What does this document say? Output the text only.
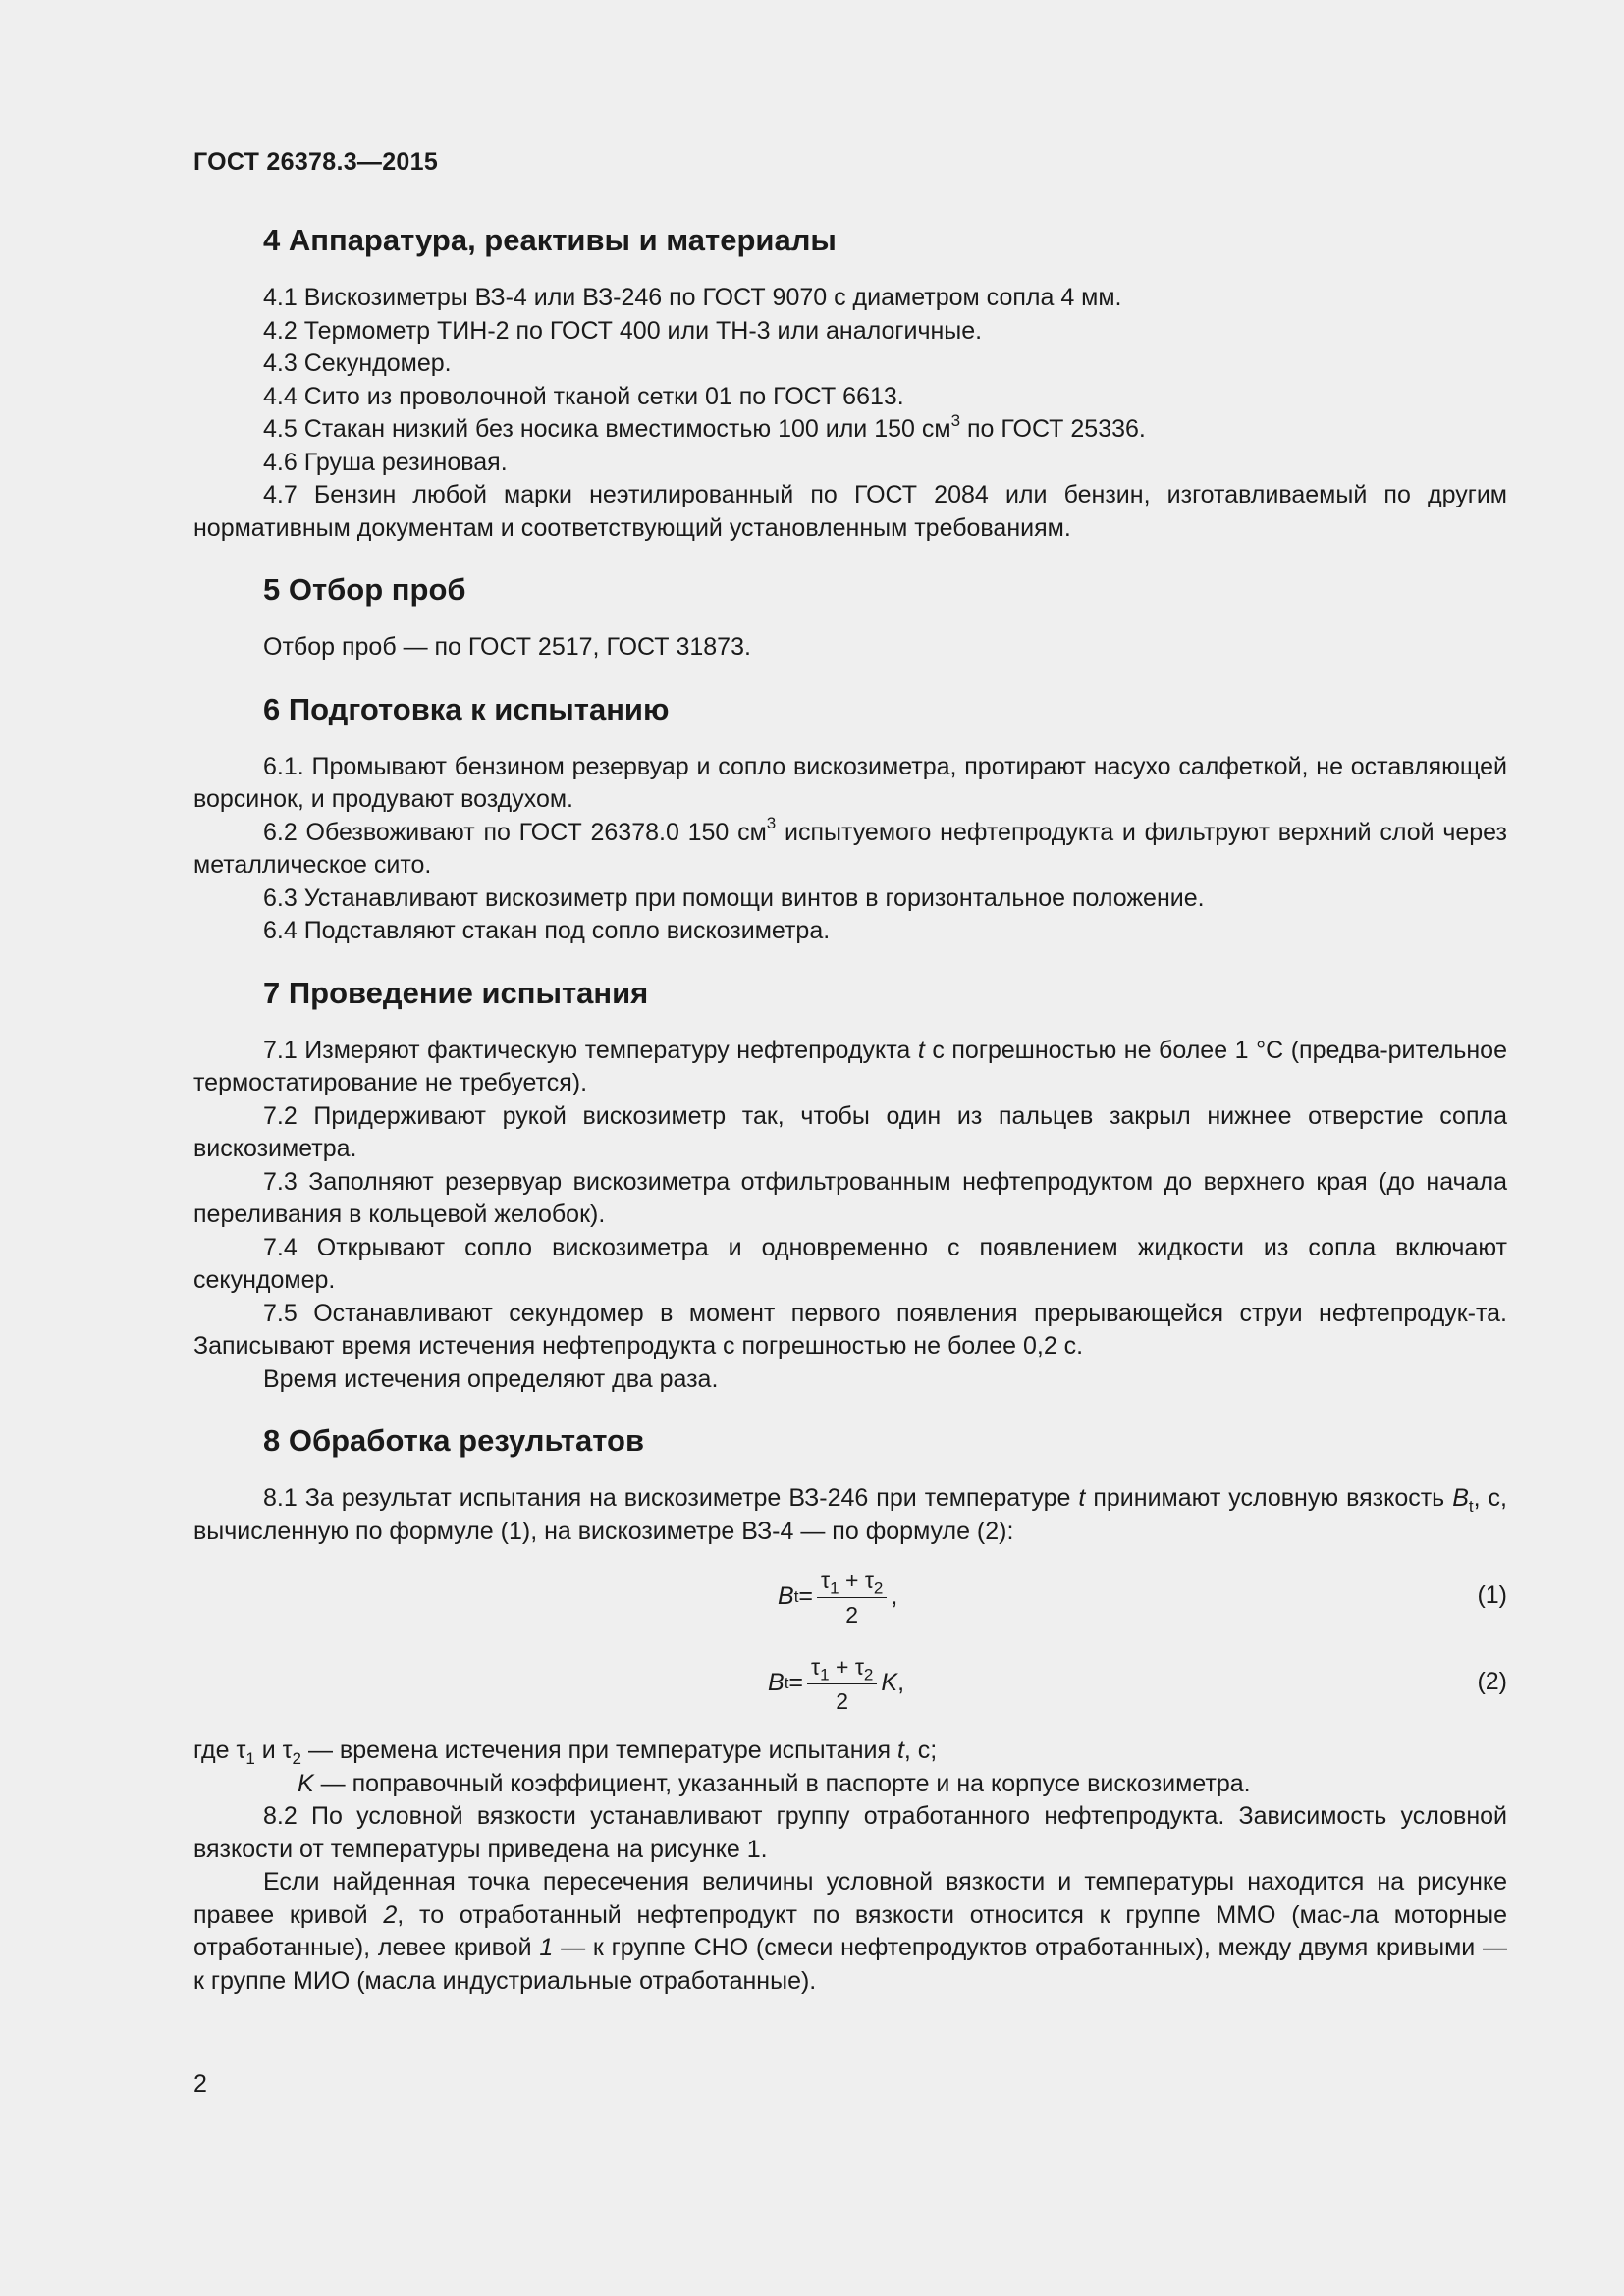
ГОСТ 26378.3—2015
4 Аппаратура, реактивы и материалы

4.1 Вискозиметры ВЗ-4 или ВЗ-246 по ГОСТ 9070 с диаметром сопла 4 мм.

4.2 Термометр ТИН-2 по ГОСТ 400 или ТН-3 или аналогичные.

4.3 Секундомер.

4.4 Сито из проволочной тканой сетки 01 по ГОСТ 6613.

4.5 Стакан низкий без носика вместимостью 100 или 150 $см^3$ по ГОСТ 25336.

4.6 Груша резиновая.

4.7 Бензин любой марки неэтилированный по ГОСТ 2084 или бензин, изготавливаемый по другим нормативным документам и соответствующий установленным требованиям.

5 Отбор проб

Отбор проб — по ГОСТ 2517, ГОСТ 31873.

6 Подготовка к испытанию

6.1. Промывают бензином резервуар и сопло вискозиметра, протирают насухо салфеткой, не оставляющей ворсинок, и продувают воздухом.

6.2 Обезвоживают по ГОСТ 26378.0 150 $см^3$ испытуемого нефтепродукта и фильтруют верхний слой через металлическое сито.

6.3 Устанавливают вискозиметр при помощи винтов в горизонтальное положение.

6.4 Подставляют стакан под сопло вискозиметра.

7 Проведение испытания

7.1 Измеряют фактическую температуру нефтепродукта t с погрешностью не более 1 °С (предва-рительное термостатирование не требуется).

7.2 Придерживают рукой вискозиметр так, чтобы один из пальцев закрыл нижнее отверстие сопла вискозиметра.

7.3 Заполняют резервуар вискозиметра отфильтрованным нефтепродуктом до верхнего края (до начала переливания в кольцевой желобок).

7.4 Открывают сопло вискозиметра и одновременно с появлением жидкости из сопла включают секундомер.

7.5 Останавливают секундомер в момент первого появления прерывающейся струи нефтепродук-та. Записывают время истечения нефтепродукта с погрешностью не более 0,2 с.

Время истечения определяют два раза.

8 Обработка результатов

8.1 За результат испытания на вискозиметре ВЗ-246 при температуре t принимают условную вязкость $B_t$, с, вычисленную по формуле (1), на вискозиметре ВЗ-4 — по формуле (2):

B $t = \frac{\tau_1 + \tau_2}{2}$ ,	(1)
B $t = \frac{\tau_1 + \tau_2}{2}$ K ,	(2)

где $\tau_1$ и $\tau_2$ — времена истечения при температуре испытания t, с;

K — поправочный коэффициент, указанный в паспорте и на корпусе вискозиметра.

8.2 По условной вязкости устанавливают группу отработанного нефтепродукта. Зависимость условной вязкости от температуры приведена на рисунке 1.

Если найденная точка пересечения величины условной вязкости и температуры находится на рисунке правее кривой 2, то отработанный нефтепродукт по вязкости относится к группе ММО (мас-ла моторные отработанные), левее кривой 1 — к группе СНО (смеси нефтепродуктов отработанных), между двумя кривыми — к группе МИО (масла индустриальные отработанные).

2
